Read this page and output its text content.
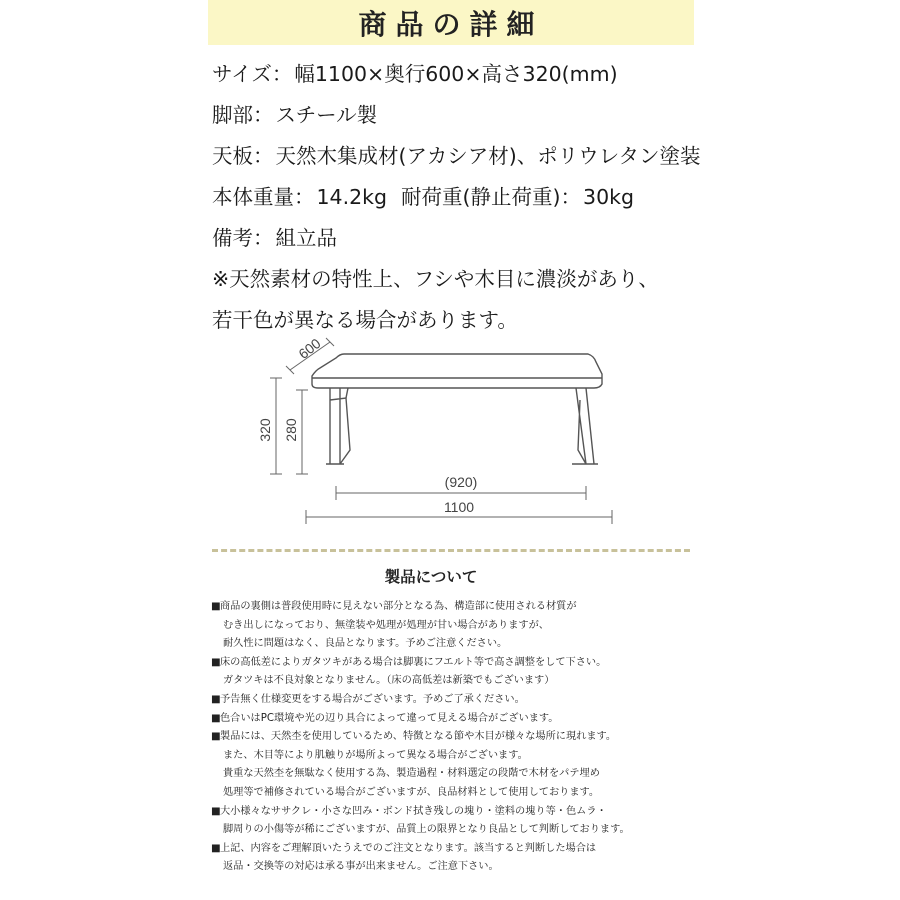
商品の詳細
サイズ：幅1100×奥行600×高さ320(mm)
脚部：スチール製
天板：天然木集成材(アカシア材)、ポリウレタン塗装
本体重量：14.2kg 耐荷重(静止荷重)：30kg
備考：組立品
※天然素材の特性上、フシや木目に濃淡があり、
若干色が異なる場合があります。
600
320 280
(920)
1100
製品について
■商品の裏側は普段使用時に見えない部分となる為、構造部に使用される材質が
むき出しになっており、無塗装や処理が処理が甘い場合がありますが、
耐久性に問題はなく、良品となります。予めご注意ください。
■床の高低差によりガタツキがある場合は脚裏にフエルト等で高さ調整をして下さい。
ガタツキは不良対象となりません。（床の高低差は新築でもございます）
■予告無く仕様変更をする場合がございます。予めご了承ください。
■色合いはPC環境や光の辺り具合によって違って見える場合がございます。
■製品には、天然杢を使用しているため、特徴となる節や木目が様々な場所に現れます。
また、木目等により肌触りが場所よって異なる場合がございます。
貴重な天然杢を無駄なく使用する為、製造過程・材料選定の段階で木材をパテ埋め
処理等で補修されている場合がございますが、良品材料として使用しております。
■大小様々なササクレ・小さな凹み・ボンド拭き残しの塊り・塗料の塊り等・色ムラ・
脚周りの小傷等が稀にございますが、品質上の限界となり良品として判断しております。
■上記、内容をご理解頂いたうえでのご注文となります。該当すると判断した場合は
返品・交換等の対応は承る事が出来ません。ご注意下さい。
